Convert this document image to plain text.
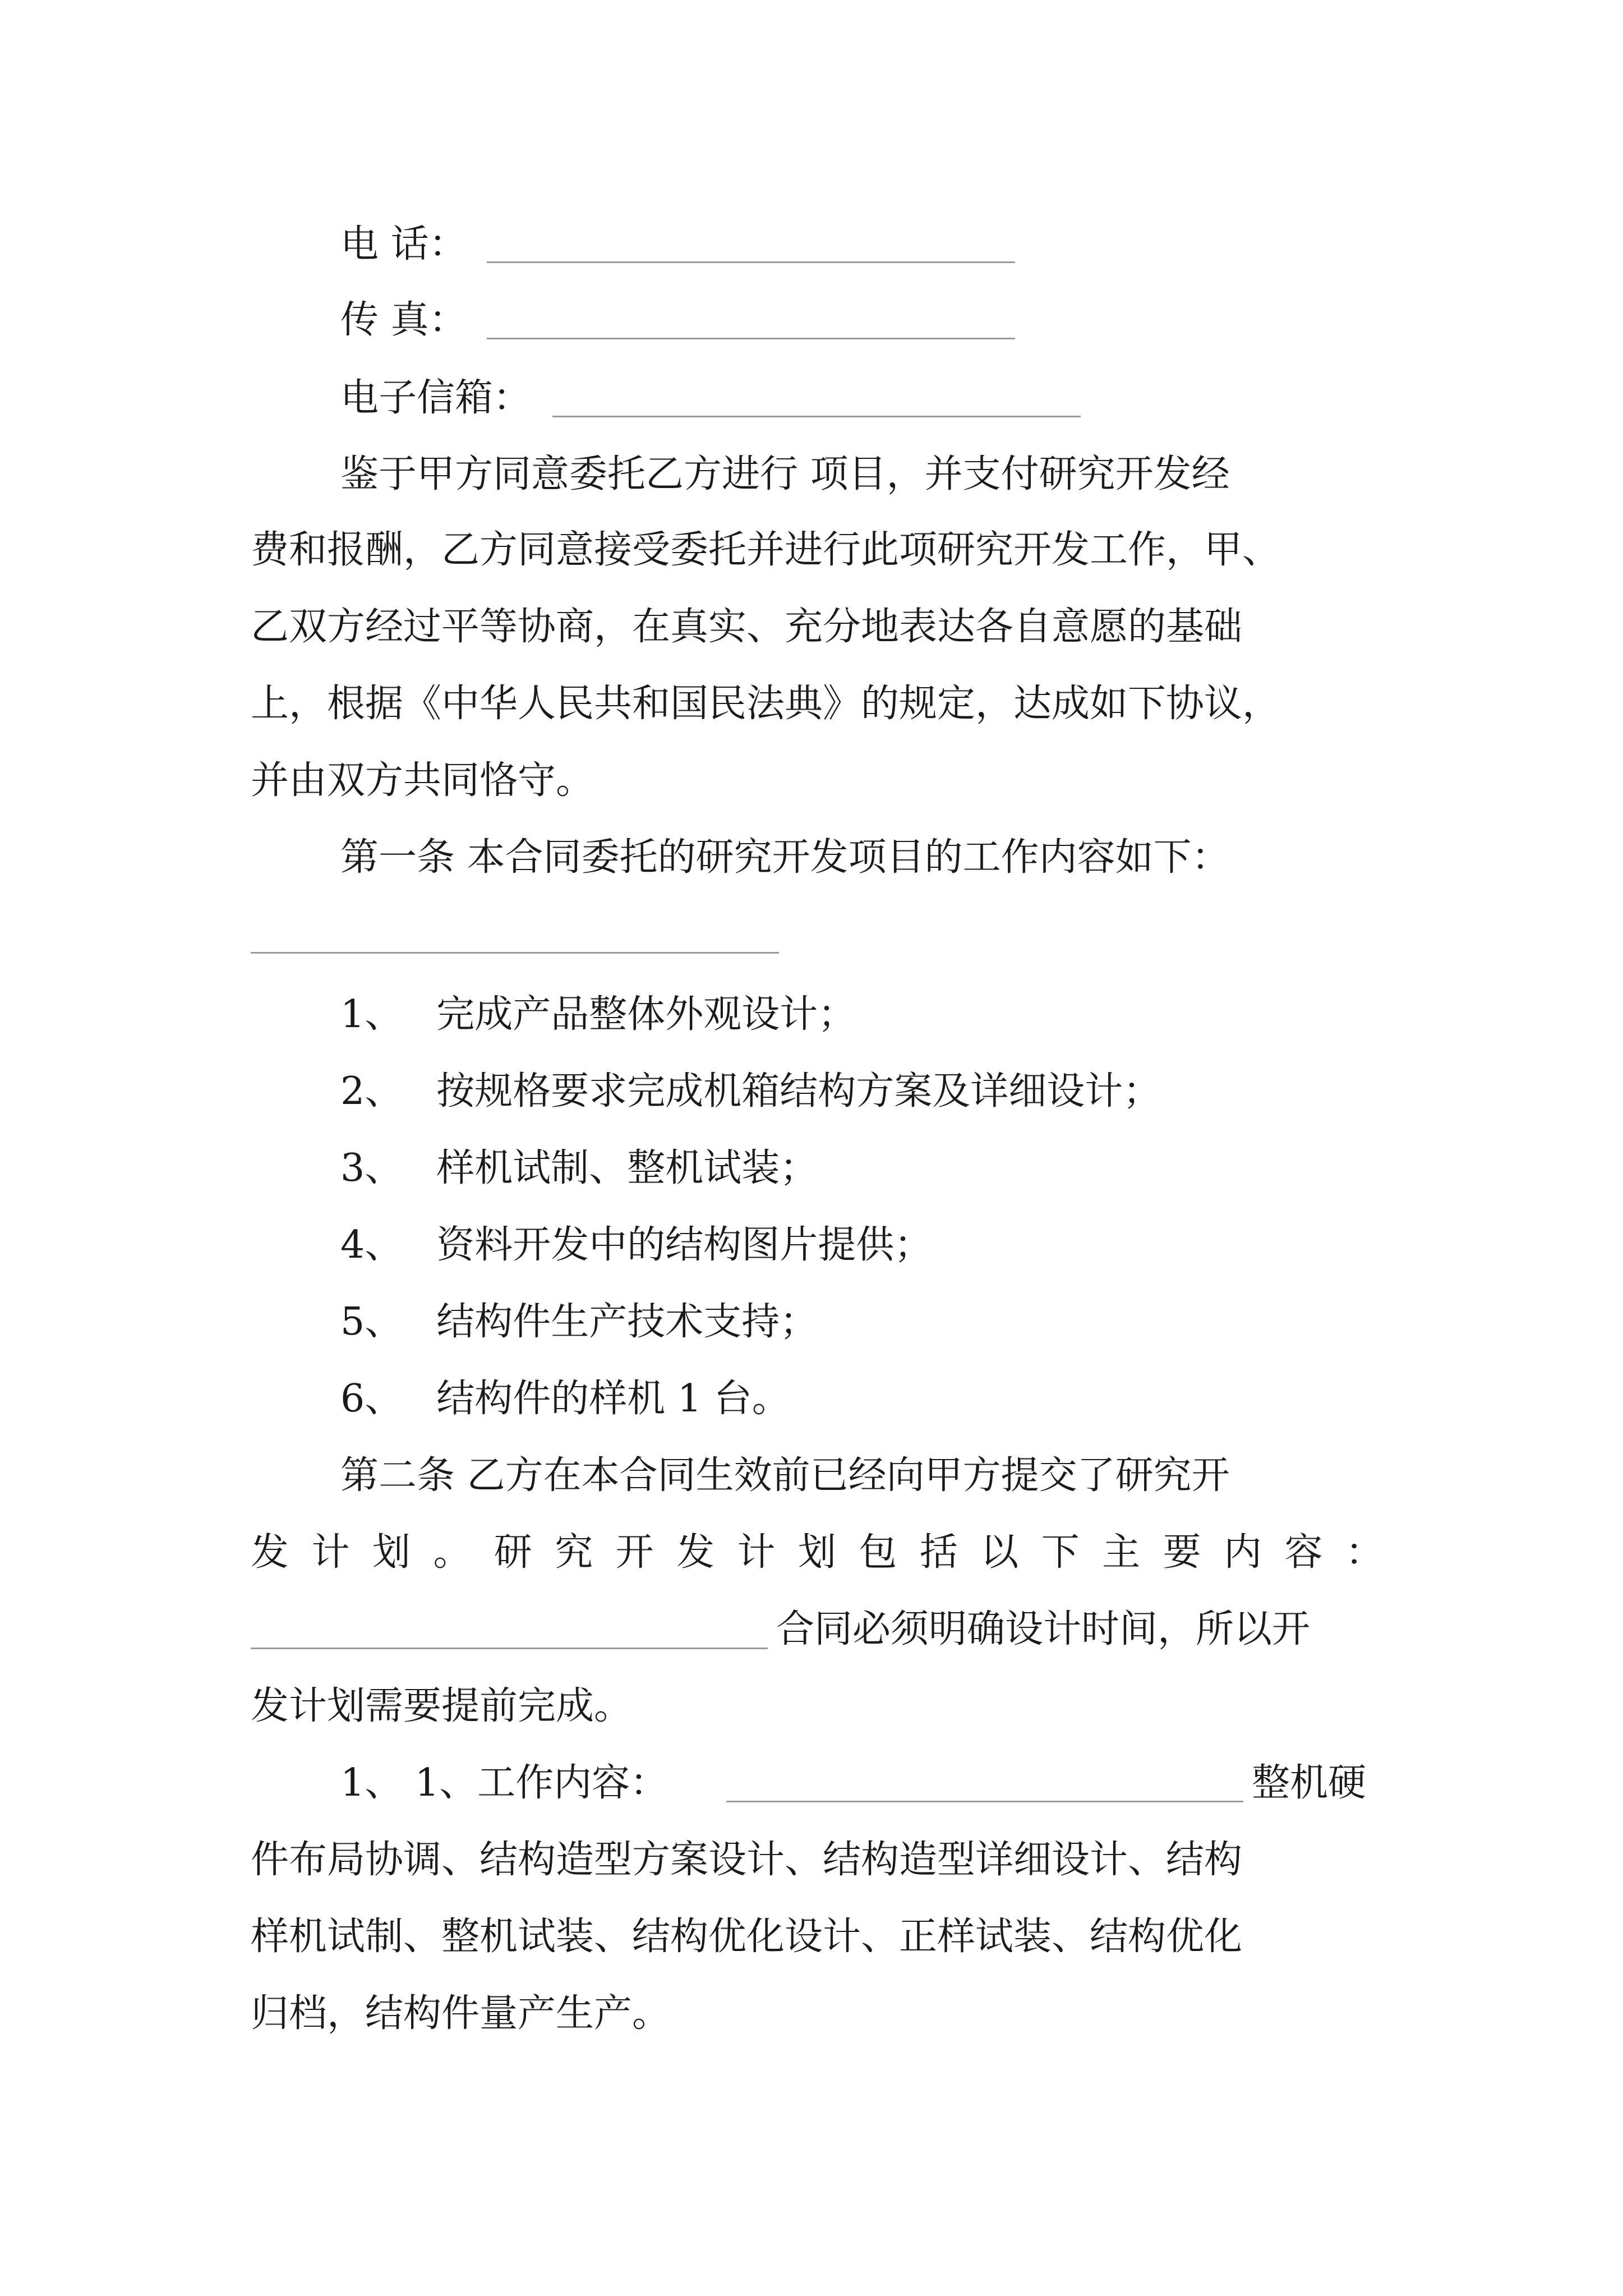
电 话：
传 真：
电子信箱：
鉴于甲方同意委托乙方进行 项目，并支付研究开发经
费和报酬，乙方同意接受委托并进行此项研究开发工作，甲、
乙双方经过平等协商，在真实、充分地表达各自意愿的基础
上，根据《中华人民共和国民法典》的规定，达成如下协议，
并由双方共同恪守。
第一条 本合同委托的研究开发项目的工作内容如下：
1、 完成产品整体外观设计；
2、 按规格要求完成机箱结构方案及详细设计；
3、 样机试制、整机试装；
4、 资料开发中的结构图片提供；
5、 结构件生产技术支持；
6、 结构件的样机 1 台。
第二条 乙方在本合同生效前已经向甲方提交了研究开
发 计 划 。 研 究 开 发 计 划 包 括 以 下 主 要 内 容 ：
合同必须明确设计时间，所以开
发计划需要提前完成。
1、 1、工作内容：	整机硬
件布局协调、结构造型方案设计、结构造型详细设计、结构
样机试制、整机试装、结构优化设计、正样试装、结构优化
归档，结构件量产生产。
